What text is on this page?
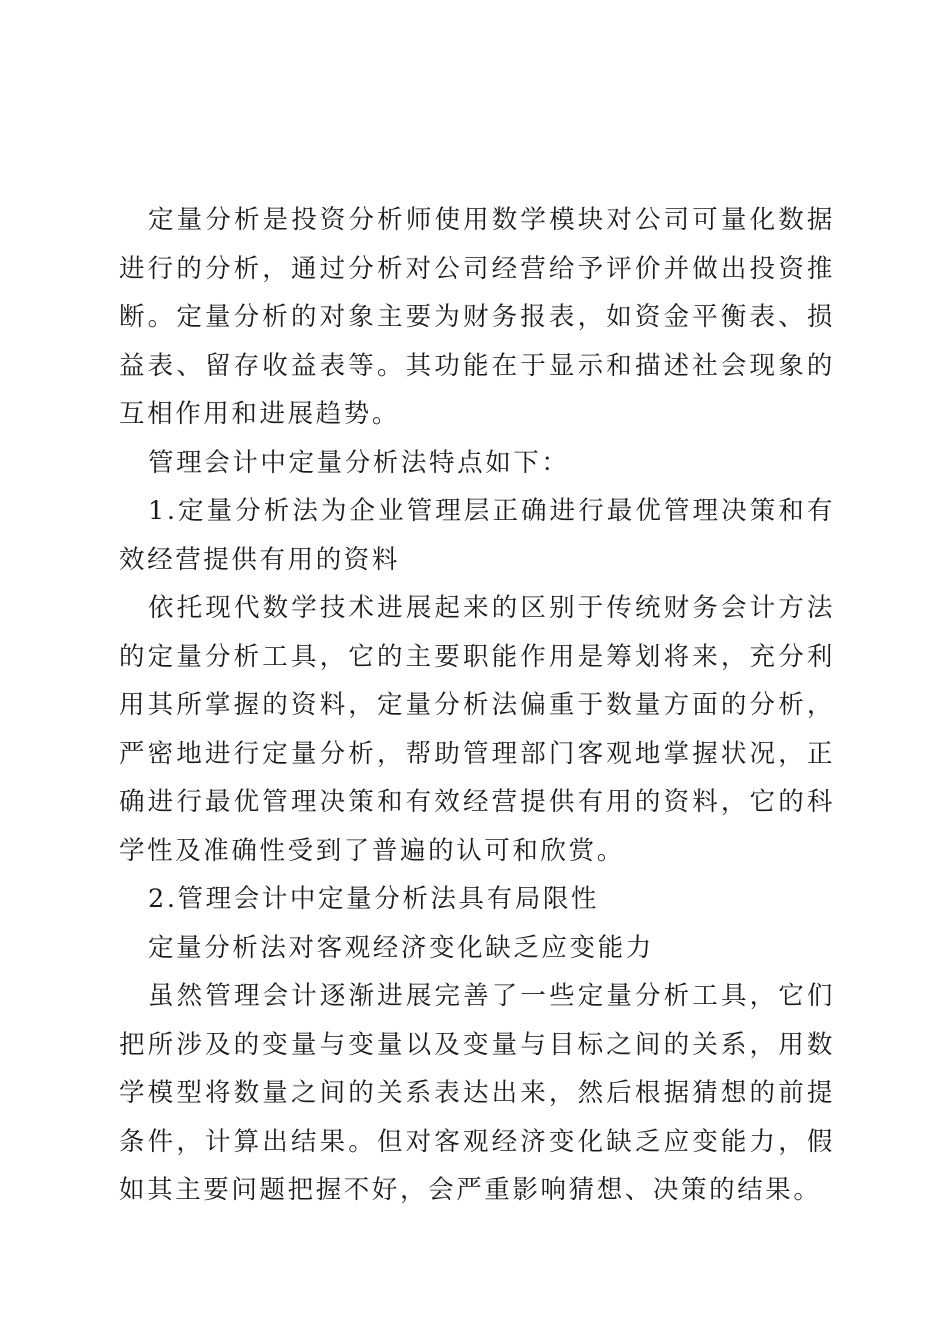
定量分析是投资分析师使用数学模块对公司可量化数据进行的分析，通过分析对公司经营给予评价并做出投资推断。定量分析的对象主要为财务报表，如资金平衡表、损益表、留存收益表等。其功能在于显示和描述社会现象的互相作用和进展趋势。

管理会计中定量分析法特点如下：

1.定量分析法为企业管理层正确进行最优管理决策和有效经营提供有用的资料

依托现代数学技术进展起来的区别于传统财务会计方法的定量分析工具，它的主要职能作用是筹划将来，充分利用其所掌握的资料，定量分析法偏重于数量方面的分析，严密地进行定量分析，帮助管理部门客观地掌握状况，正确进行最优管理决策和有效经营提供有用的资料，它的科学性及准确性受到了普遍的认可和欣赏。

2.管理会计中定量分析法具有局限性

定量分析法对客观经济变化缺乏应变能力

虽然管理会计逐渐进展完善了一些定量分析工具，它们把所涉及的变量与变量以及变量与目标之间的关系，用数学模型将数量之间的关系表达出来，然后根据猜想的前提条件，计算出结果。但对客观经济变化缺乏应变能力，假如其主要问题把握不好，会严重影响猜想、决策的结果。
